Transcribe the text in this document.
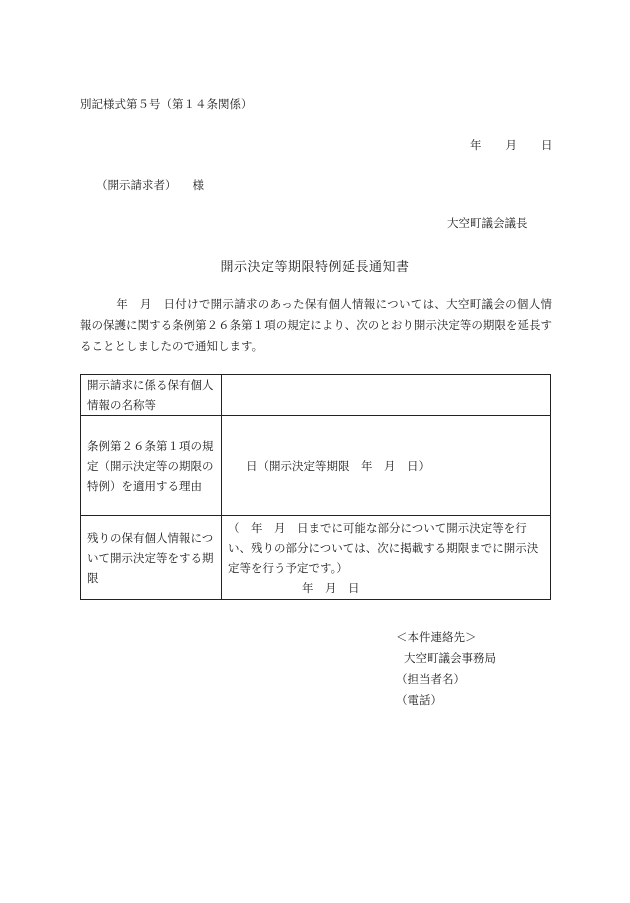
別記様式第５号（第１４条関係）
年 月 日
（開示請求者） 様
大空町議会議長
開示決定等期限特例延長通知書
年　月　日付けで開示請求のあった保有個人情報については、大空町議会の個人情報の保護に関する条例第２６条第１項の規定により、次のとおり開示決定等の期限を延長することとしましたので通知します。
開示請求に係る保有個人情報の名称等	
条例第２６条第１項の規定（開示決定等の期限の特例）を適用する理由	日（開示決定等期限　年　月　日）
残りの保有個人情報について開示決定等をする期限	（　年　月　日までに可能な部分について開示決定等を行い、残りの部分については、次に掲載する期限までに開示決定等を行う予定です。）
年　月　日
＜本件連絡先＞
大空町議会事務局
（担当者名）
（電話）
